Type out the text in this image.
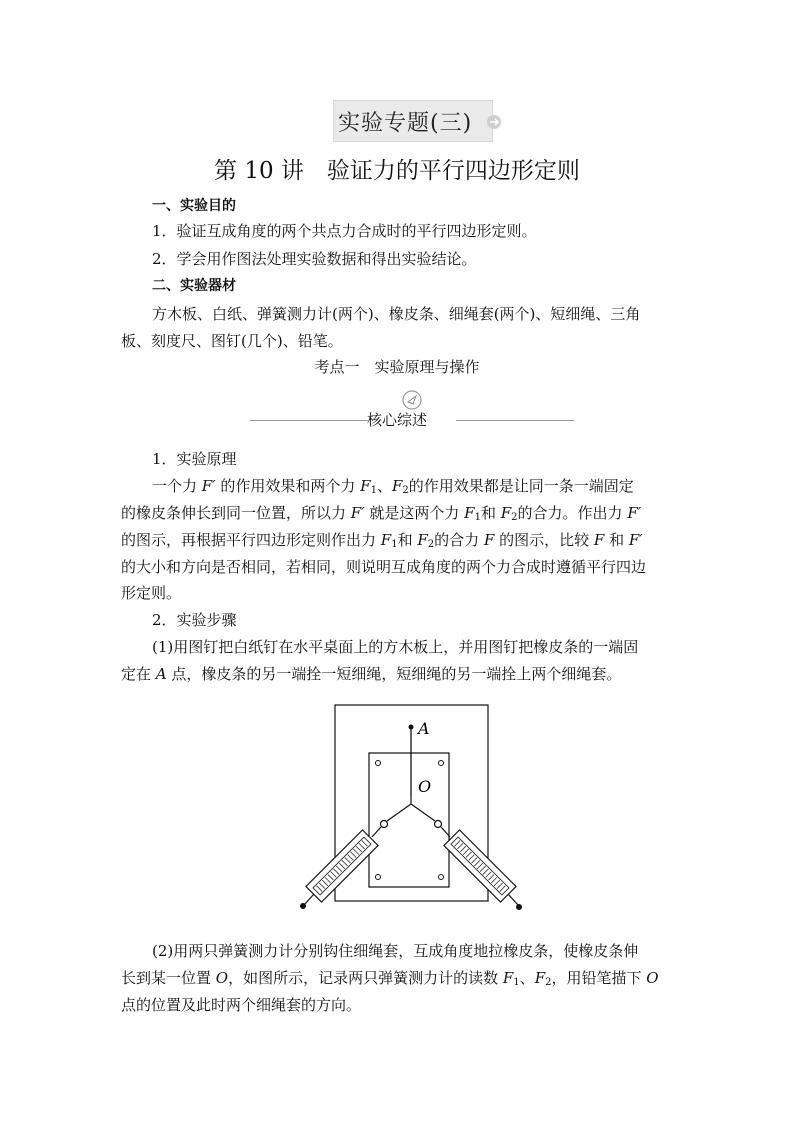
实验专题(三)
第 10 讲　验证力的平行四边形定则
一、实验目的
1．验证互成角度的两个共点力合成时的平行四边形定则。
2．学会用作图法处理实验数据和得出实验结论。
二、实验器材
方木板、白纸、弹簧测力计(两个)、橡皮条、细绳套(两个)、短细绳、三角
板、刻度尺、图钉(几个)、铅笔。
考点一　实验原理与操作
核心综述
1．实验原理
一个力 F′ 的作用效果和两个力 $F_1$、$F_2$的作用效果都是让同一条一端固定
的橡皮条伸长到同一位置，所以力 F′ 就是这两个力 $F_1$和 $F_2$的合力。作出力 F′
的图示，再根据平行四边形定则作出力 $F_1$和 $F_2$的合力 F 的图示，比较 F 和 F′
的大小和方向是否相同，若相同，则说明互成角度的两个力合成时遵循平行四边
形定则。
2．实验步骤
(1)用图钉把白纸钉在水平桌面上的方木板上，并用图钉把橡皮条的一端固
定在 A 点，橡皮条的另一端拴一短细绳，短细绳的另一端拴上两个细绳套。
A
O
(2)用两只弹簧测力计分别钩住细绳套，互成角度地拉橡皮条，使橡皮条伸
长到某一位置 O，如图所示，记录两只弹簧测力计的读数 $F_1$、$F_2$，用铅笔描下 O
点的位置及此时两个细绳套的方向。
